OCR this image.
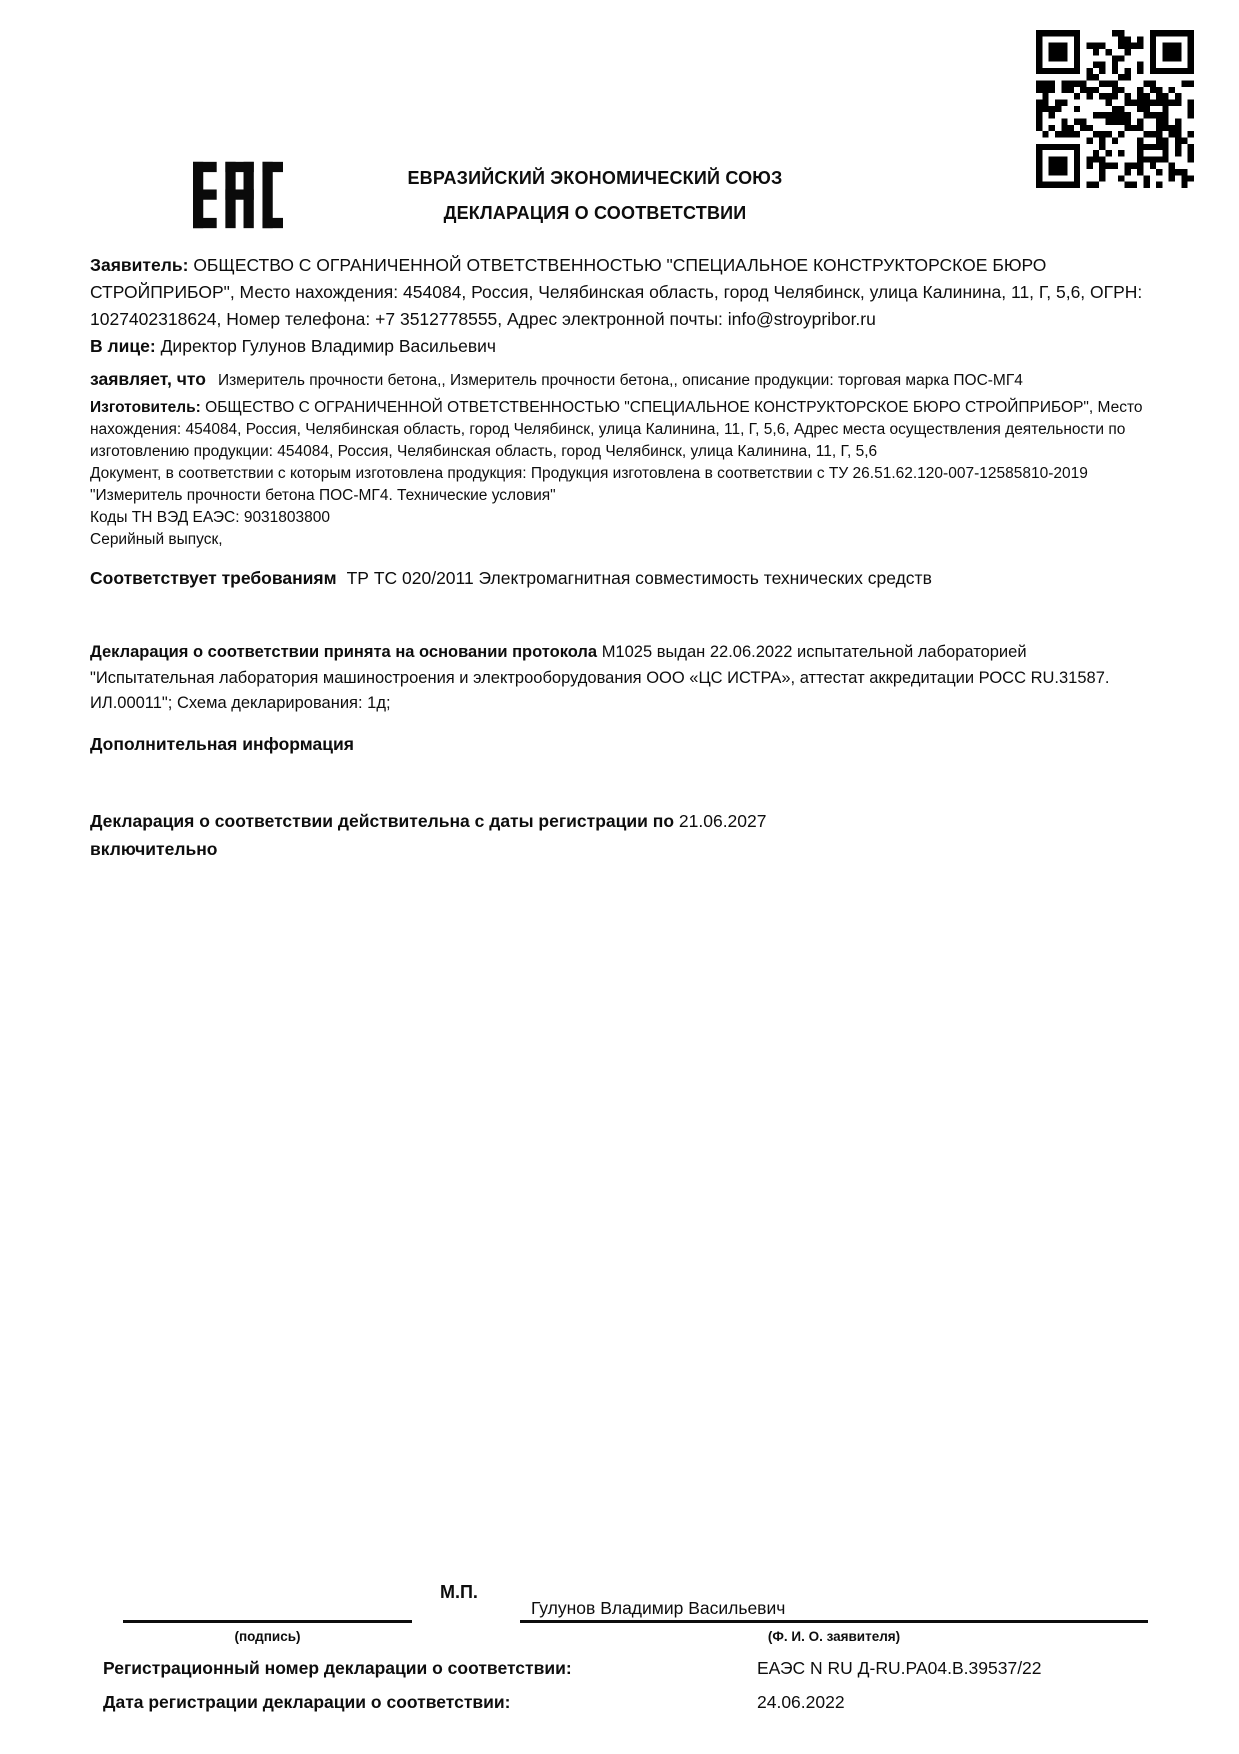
ЕВРАЗИЙСКИЙ ЭКОНОМИЧЕСКИЙ СОЮЗ
ДЕКЛАРАЦИЯ О СООТВЕТСТВИИ

Заявитель: ОБЩЕСТВО С ОГРАНИЧЕННОЙ ОТВЕТСТВЕННОСТЬЮ "СПЕЦИАЛЬНОЕ КОНСТРУКТОРСКОЕ БЮРО СТРОЙПРИБОР", Место нахождения: 454084, Россия, Челябинская область, город Челябинск, улица Калинина, 11, Г, 5,6, ОГРН: 1027402318624, Номер телефона: +7 3512778555, Адрес электронной почты: info@stroypribor.ru

В лице: Директор Гулунов Владимир Васильевич

заявляет, что Измеритель прочности бетона,, Измеритель прочности бетона,, описание продукции: торговая марка ПОС-МГ4

Изготовитель: ОБЩЕСТВО С ОГРАНИЧЕННОЙ ОТВЕТСТВЕННОСТЬЮ "СПЕЦИАЛЬНОЕ КОНСТРУКТОРСКОЕ БЮРО СТРОЙПРИБОР", Место нахождения: 454084, Россия, Челябинская область, город Челябинск, улица Калинина, 11, Г, 5,6, Адрес места осуществления деятельности по изготовлению продукции: 454084, Россия, Челябинская область, город Челябинск, улица Калинина, 11, Г, 5,6

Документ, в соответствии с которым изготовлена продукция: Продукция изготовлена в соответствии с ТУ 26.51.62.120-007-12585810-2019 "Измеритель прочности бетона ПОС-МГ4. Технические условия"

Коды ТН ВЭД ЕАЭС: 9031803800

Серийный выпуск,

Соответствует требованиям ТР ТС 020/2011 Электромагнитная совместимость технических средств

Декларация о соответствии принята на основании протокола М1025 выдан 22.06.2022 испытательной лабораторией "Испытательная лаборатория машиностроения и электрооборудования ООО «ЦС ИСТРА», аттестат аккредитации РОСС RU.31587. ИЛ.00011"; Схема декларирования: 1д;

Дополнительная информация

Декларация о соответствии действительна с даты регистрации по 21.06.2027
включительно

М.П.
Гулунов Владимир Васильевич
(подпись)	(Ф. И. О. заявителя)
Регистрационный номер декларации о соответствии:	ЕАЭС N RU Д-RU.РА04.В.39537/22
Дата регистрации декларации о соответствии:	24.06.2022
